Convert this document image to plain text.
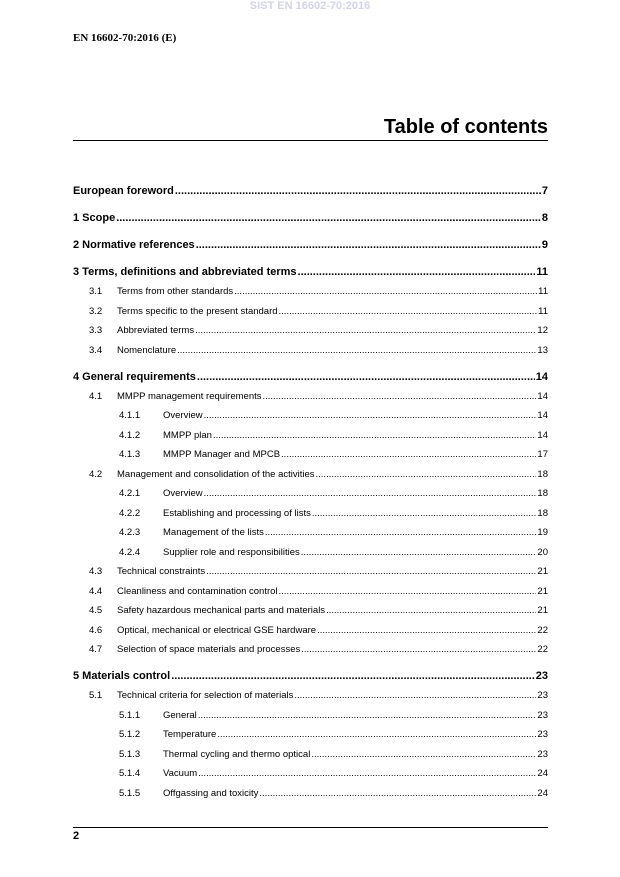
SIST EN 16602-70:2016
EN 16602-70:2016 (E)
Table of contents
European foreword .....	7
1 Scope .....	8
2 Normative references .....	9
3 Terms, definitions and abbreviated terms .....	11
3.1 Terms from other standards .....	11
3.2 Terms specific to the present standard .....	11
3.3 Abbreviated terms .....	12
3.4 Nomenclature .....	13
4 General requirements .....	14
4.1 MMPP management requirements .....	14
4.1.1 Overview .....	14
4.1.2 MMPP plan .....	14
4.1.3 MMPP Manager and MPCB .....	17
4.2 Management and consolidation of the activities .....	18
4.2.1 Overview .....	18
4.2.2 Establishing and processing of lists .....	18
4.2.3 Management of the lists .....	19
4.2.4 Supplier role and responsibilities .....	20
4.3 Technical constraints .....	21
4.4 Cleanliness and contamination control .....	21
4.5 Safety hazardous mechanical parts and materials .....	21
4.6 Optical, mechanical or electrical GSE hardware .....	22
4.7 Selection of space materials and processes .....	22
5 Materials control .....	23
5.1 Technical criteria for selection of materials .....	23
5.1.1 General .....	23
5.1.2 Temperature .....	23
5.1.3 Thermal cycling and thermo optical .....	23
5.1.4 Vacuum .....	24
5.1.5 Offgassing and toxicity .....	24
2
